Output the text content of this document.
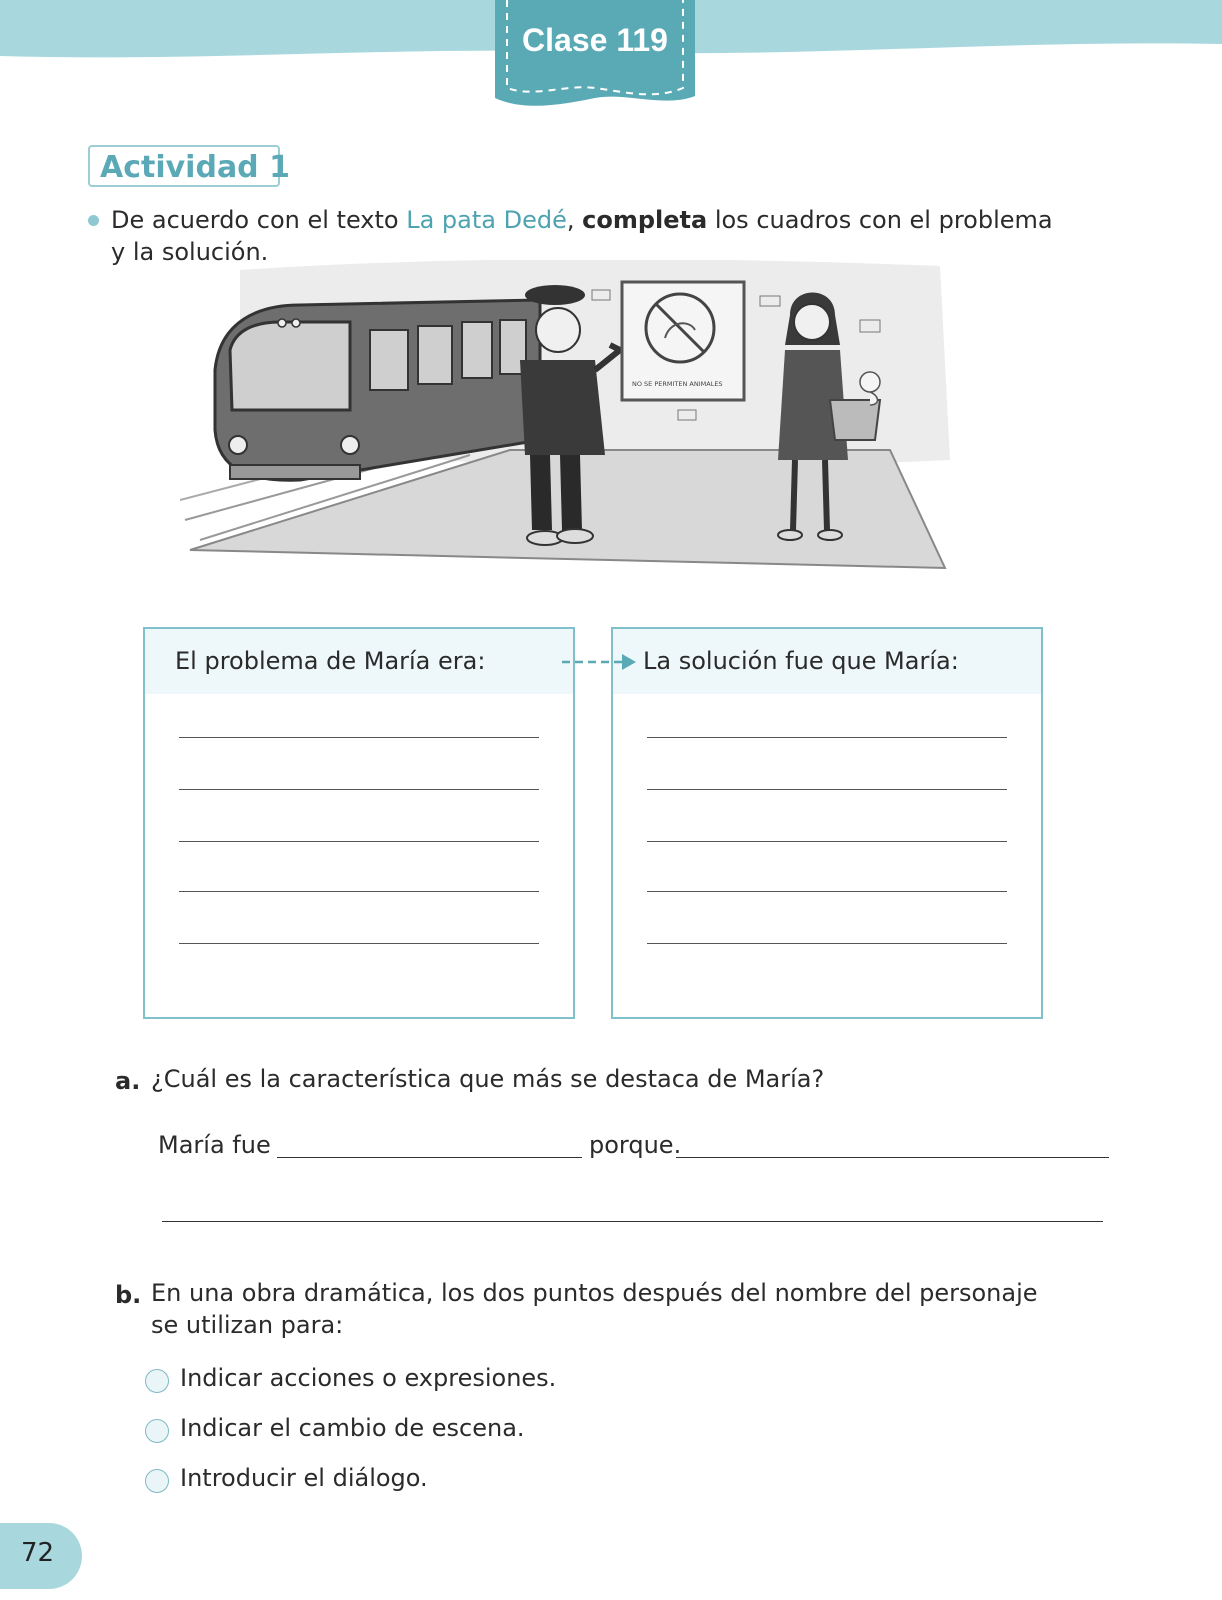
Clase 119
Actividad 1
De acuerdo con el texto La pata Dedé, completa los cuadros con el problema y la solución.
NO SE PERMITEN ANIMALES
El problema de María era:	La solución fue que María:
a. ¿Cuál es la característica que más se destaca de María?
María fue	porque.
b. En una obra dramática, los dos puntos después del nombre del personaje se utilizan para:
Indicar acciones o expresiones.
Indicar el cambio de escena.
Introducir el diálogo.
72
